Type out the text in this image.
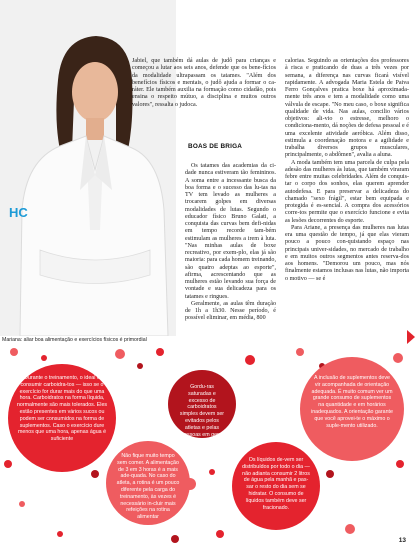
HC
Mariana: aliar boa alimentação e exercícios físicos é primordial

Jabiel, que também dá aulas de judô para crianças e começou a lutar aos seis anos, defende que os bene-fícios da modalidade ultrapassam os tatames. "Além dos benefícios físicos e mentais, o judô ajuda a formar o ca-ráter. Ele também auxilia na formação como cidadão, pois ensina o respeito mútuo, a disciplina e muitos outros valores", ressalta o judoca.

BOAS DE BRIGA

Os tatames das academias da ci-dade nunca estiveram tão femininos. A soma entre a incessante busca da boa forma e o sucesso das lu-tas na TV tem levado as mulheres a trocarem golpes em diversas modalidades de lutas. Segundo o educador físico Bruno Galati, a conquista das curvas bem defi-nidas em tempo recorde tam-bém estimulam as mulheres a irem à luta. "Nas minhas aulas de boxe recreativo, por exem-plo, elas já são maioria: para cada homem treinando, são quatro adeptas ao esporte", afirma, acrescentando que as mulheres estão levando sua força de vontade e sua delicadeza para os tatames e ringues.

Geralmente, as aulas têm duração de 1h a 1h30. Nesse período, é possível eliminar, em média, 800

calorias. Seguindo as orientações dos professores à risca e praticando de duas a três vezes por semana, a diferença nas curvas ficará visível rapidamente. A advogada Maria Estela de Paiva Ferro Gonçalves pratica boxe há aproximada-mente três anos e tem a modalidade como uma válvula de escape. "No meu caso, o boxe significa qualidade de vida. Nas aulas, concilio vários objetivos: ali-vio o estresse, melhoro o condiciona-mento, dá noções de defesa pessoal e é uma excelente atividade aeróbica. Além disso, estimula a coordenação motora e a agilidade e trabalha diversos grupos musculares, principalmente, o abdômen", avalia a aluna.

A moda também tem uma parcela de culpa pela adesão das mulheres às lutas, que também viraram febre entre muitas celebridades. Além de conquis-tar o corpo dos sonhos, elas querem aprender autodefesa. E para preservar a delicadeza do chamado "sexo frágil", estar bem equipada e protegida é es-sencial. A compra dos acessórios corre-tos permite que o exercício funcione e evita as lesões decorrentes do esporte.

Para Ariane, a presença das mulheres nas lutas era uma questão de tempo, já que elas vieram pouco a pouco con-quistando espaço nas principais univer-sidades, no mercado de trabalho e em muitos outros segmentos antes reserva-dos aos homens. "Demorou um pouco, mas nós finalmente estamos inclusas nas lutas, não importa o motivo — se é

Durante o treinamento, o ideal é consumir carboidra-tos — isso se o exercício for durar mais do que uma hora. Carboidratos na forma líquida, normalmente são mais tolerados. Eles estão presentes em vários sucos ou podem ser consumidos na forma de suplementos. Caso o exercício dure menos que uma hora, apenas água é suficiente
Não fique muito tempo sem comer. A alimentação de 3 em 3 horas é a mais ade-quada. No caso do atleta, a rotina é um pouco diferente pela carga do treinamento, às vezes é necessário in-cluir mais refeições na rotina alimentar
Gordu-ras saturadas e excesso de carboidratos simples devem ser evitados pelos atletas e pelas pessoas em geral
Os líquidos de-vem ser distribuídos por todo o dia — não adianta consumir 2 litros de água pela manhã e pas-sar o resto do dia sem se hidratar. O consumo de líquidos também deve ser fracionado.
A inclusão de suplementos deve vir acompanhada de orientação adequada. É muito comum ver um grande consumo de suplementos na quantidade e em horários inadequados. A orientação garante que você aprovei-te o máximo o suple-mento utilizado.
13
